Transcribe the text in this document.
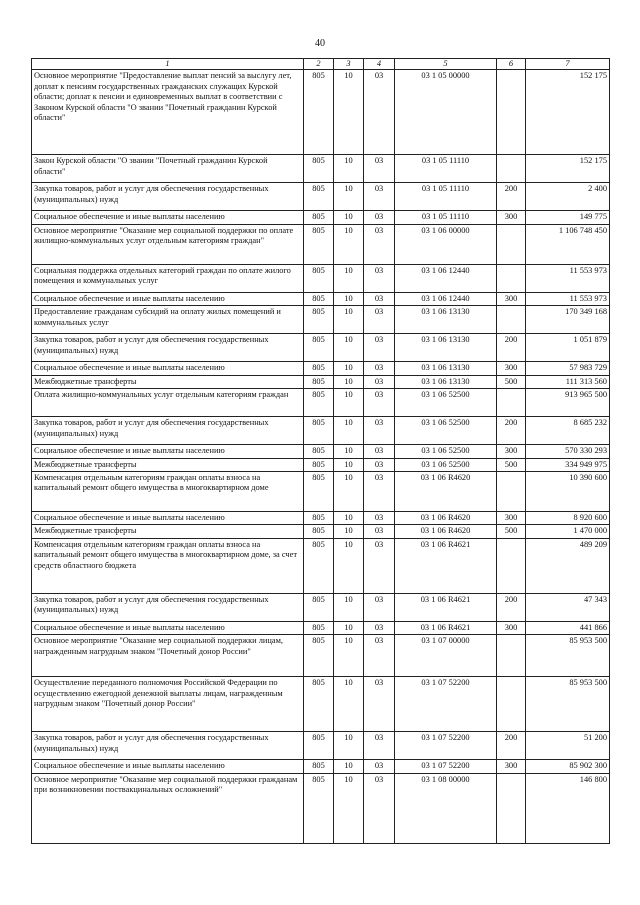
40
1	2	3	4	5	6	7
Основное мероприятие "Предоставление выплат пенсий за выслугу лет, доплат к пенсиям государственных гражданских служащих Курской области; доплат к пенсии и единовременных выплат в соответствии с Законом Курской области "О звании "Почетный гражданин Курской области"	805	10	03	03 1 05 00000		152 175
Закон Курской области "О звании "Почетный гражданин Курской области"	805	10	03	03 1 05 11110		152 175
Закупка товаров, работ и услуг для обеспечения государственных (муниципальных) нужд	805	10	03	03 1 05 11110	200	2 400
Социальное обеспечение и иные выплаты населению	805	10	03	03 1 05 11110	300	149 775
Основное мероприятие "Оказание мер социальной поддержки по оплате жилищно-коммунальных услуг отдельным категориям граждан"	805	10	03	03 1 06 00000		1 106 748 450
Социальная поддержка отдельных категорий граждан по оплате жилого помещения и коммунальных услуг	805	10	03	03 1 06 12440		11 553 973
Социальное обеспечение и иные выплаты населению	805	10	03	03 1 06 12440	300	11 553 973
Предоставление гражданам субсидий на оплату жилых помещений и коммунальных услуг	805	10	03	03 1 06 13130		170 349 168
Закупка товаров, работ и услуг для обеспечения государственных (муниципальных) нужд	805	10	03	03 1 06 13130	200	1 051 879
Социальное обеспечение и иные выплаты населению	805	10	03	03 1 06 13130	300	57 983 729
Межбюджетные трансферты	805	10	03	03 1 06 13130	500	111 313 560
Оплата жилищно-коммунальных услуг отдельным категориям граждан	805	10	03	03 1 06 52500		913 965 500
Закупка товаров, работ и услуг для обеспечения государственных (муниципальных) нужд	805	10	03	03 1 06 52500	200	8 685 232
Социальное обеспечение и иные выплаты населению	805	10	03	03 1 06 52500	300	570 330 293
Межбюджетные трансферты	805	10	03	03 1 06 52500	500	334 949 975
Компенсация отдельным категориям граждан оплаты взноса на капитальный ремонт общего имущества в многоквартирном доме	805	10	03	03 1 06 R4620		10 390 600
Социальное обеспечение и иные выплаты населению	805	10	03	03 1 06 R4620	300	8 920 600
Межбюджетные трансферты	805	10	03	03 1 06 R4620	500	1 470 000
Компенсация отдельным категориям граждан оплаты взноса на капитальный ремонт общего имущества в многоквартирном доме, за счет средств областного бюджета	805	10	03	03 1 06 R4621		489 209
Закупка товаров, работ и услуг для обеспечения государственных (муниципальных) нужд	805	10	03	03 1 06 R4621	200	47 343
Социальное обеспечение и иные выплаты населению	805	10	03	03 1 06 R4621	300	441 866
Основное мероприятие "Оказание мер социальной поддержки лицам, награжденным нагрудным знаком "Почетный донор России"	805	10	03	03 1 07 00000		85 953 500
Осуществление переданного полномочия Российской Федерации по осуществлению ежегодной денежной выплаты лицам, награжденным нагрудным знаком "Почетный донор России"	805	10	03	03 1 07 52200		85 953 500
Закупка товаров, работ и услуг для обеспечения государственных (муниципальных) нужд	805	10	03	03 1 07 52200	200	51 200
Социальное обеспечение и иные выплаты населению	805	10	03	03 1 07 52200	300	85 902 300
Основное мероприятие "Оказание мер социальной поддержки гражданам при возникновении поствакцинальных осложнений"	805	10	03	03 1 08 00000		146 800
